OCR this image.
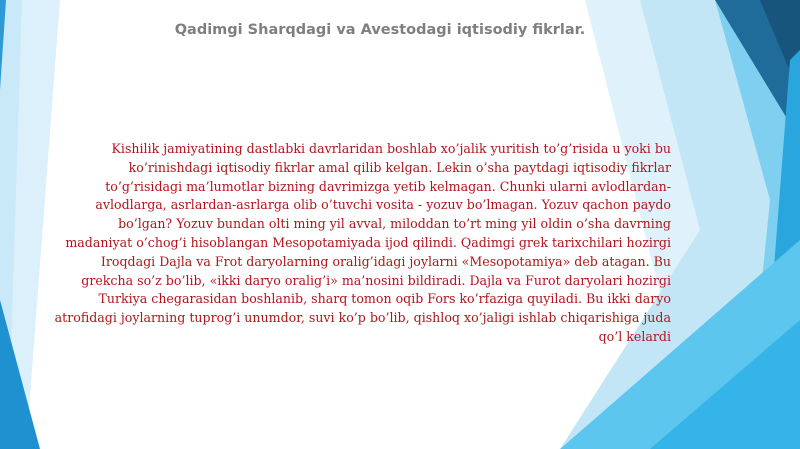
Qadimgi Sharqdagi va Avestodagi iqtisodiy fikrlar.
Kishilik jamiyatining dastlabki davrlaridan boshlab xo’jalik yuritish to’g’risida u yoki bu ko’rinishdagi iqtisodiy fikrlar amal qilib kelgan. Lekin o’sha paytdagi iqtisodiy fikrlar to’g’risidagi ma’lumotlar bizning davrimizga yetib kelmagan. Chunki ularni avlodlardan-avlodlarga, asrlardan-asrlarga olib o’tuvchi vosita - yozuv bo’lmagan. Yozuv qachon paydo bo’lgan? Yozuv bundan olti ming yil avval, miloddan to’rt ming yil oldin o’sha davrning madaniyat o’chog’i hisoblangan Mesopotamiyada ijod qilindi. Qadimgi grek tarixchilari hozirgi Iroqdagi Dajla va Frot daryolarning oralig’idagi joylarni «Mesopotamiya» deb atagan. Bu grekcha so’z bo’lib, «ikki daryo oralig’i» ma’nosini bildiradi. Dajla va Furot daryolari hozirgi Turkiya chegarasidan boshlanib, sharq tomon oqib Fors ko’rfaziga quyiladi. Bu ikki daryo atrofidagi joylarning tuprog’i unumdor, suvi ko’p bo’lib, qishloq xo’jaligi ishlab chiqarishiga juda qo’l kelardi
